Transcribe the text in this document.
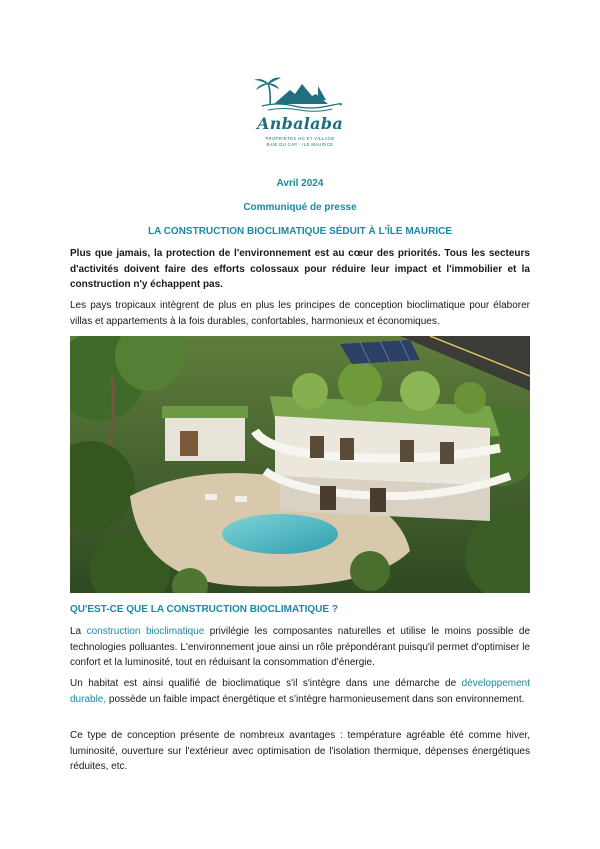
Anbalaba
PROPRIETES HO ET VILLAGE
BAIE DU CAP · ILE MAURICE
Avril 2024
Communiqué de presse
LA CONSTRUCTION BIOCLIMATIQUE SÉDUIT À L'ÎLE MAURICE

Plus que jamais, la protection de l'environnement est au cœur des priorités. Tous les secteurs d'activités doivent faire des efforts colossaux pour réduire leur impact et l'immobilier et la construction n'y échappent pas.

Les pays tropicaux intègrent de plus en plus les principes de conception bioclimatique pour élaborer villas et appartements à la fois durables, confortables, harmonieux et économiques.

QU'EST-CE QUE LA CONSTRUCTION BIOCLIMATIQUE ?

La construction bioclimatique privilégie les composantes naturelles et utilise le moins possible de technologies polluantes. L'environnement joue ainsi un rôle prépondérant puisqu'il permet d'optimiser le confort et la luminosité, tout en réduisant la consommation d'énergie.

Un habitat est ainsi qualifié de bioclimatique s'il s'intègre dans une démarche de développement durable, possède un faible impact énergétique et s'intègre harmonieusement dans son environnement.

Ce type de conception présente de nombreux avantages : température agréable été comme hiver, luminosité, ouverture sur l'extérieur avec optimisation de l'isolation thermique, dépenses énergétiques réduites, etc.
